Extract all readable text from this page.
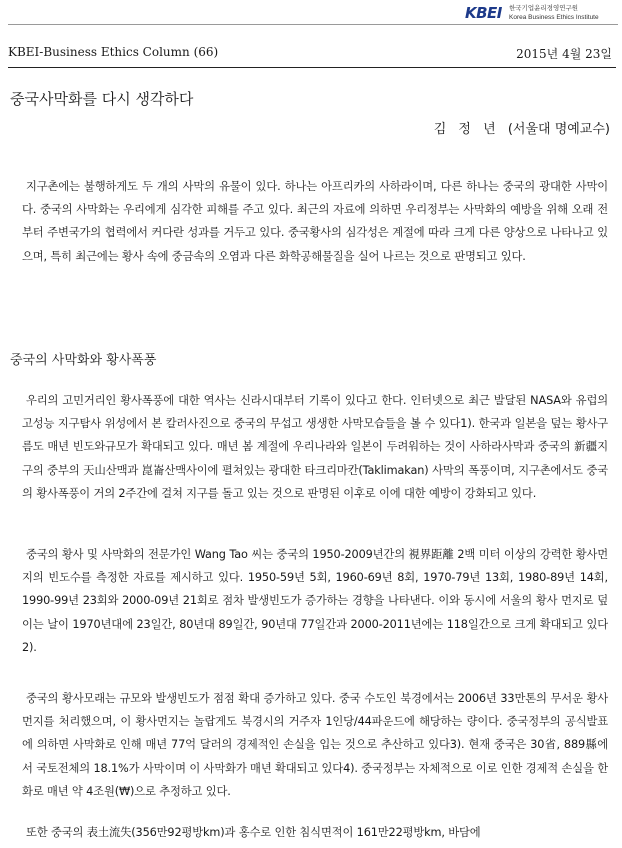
KBEI	한국기업윤리경영연구원
Korea Business Ethics Institute
KBEI-Business Ethics Column (66)	2015년 4월 23일
중국사막화를 다시 생각하다
김 정 년 (서울대 명예교수)
지구촌에는 불행하게도 두 개의 사막의 유물이 있다. 하나는 아프리카의 사하라이며, 다른 하나는 중국의 광대한 사막이다. 중국의 사막화는 우리에게 심각한 피해를 주고 있다. 최근의 자료에 의하면 우리정부는 사막화의 예방을 위해 오래 전부터 주변국가의 협력에서 커다란 성과를 거두고 있다. 중국황사의 심각성은 계절에 따라 크게 다른 양상으로 나타나고 있으며, 특히 최근에는 황사 속에 중금속의 오염과 다른 화학공해물질을 실어 나르는 것으로 판명되고 있다.
중국의 사막화와 황사폭풍
우리의 고민거리인 황사폭풍에 대한 역사는 신라시대부터 기록이 있다고 한다. 인터넷으로 최근 발달된 NASA와 유럽의 고성능 지구탐사 위성에서 본 칼러사진으로 중국의 무섭고 생생한 사막모습들을 볼 수 있다1). 한국과 일본을 덮는 황사구름도 매년 빈도와규모가 확대되고 있다. 매년 봄 계절에 우리나라와 일본이 두려워하는 것이 사하라사막과 중국의 新疆지구의 중부의 天山산맥과 崑崙산맥사이에 펼쳐있는 광대한 타크리마칸(Taklimakan) 사막의 폭풍이며, 지구촌에서도 중국의 황사폭풍이 거의 2주간에 걸쳐 지구를 돌고 있는 것으로 판명된 이후로 이에 대한 예방이 강화되고 있다.
중국의 황사 및 사막화의 전문가인 Wang Tao 씨는 중국의 1950-2009년간의 視界距離 2백 미터 이상의 강력한 황사먼지의 빈도수를 측정한 자료를 제시하고 있다. 1950-59년 5회, 1960-69년 8회, 1970-79년 13회, 1980-89년 14회, 1990-99년 23회와 2000-09년 21회로 점차 발생빈도가 증가하는 경향을 나타낸다. 이와 동시에 서울의 황사 먼지로 덮이는 날이 1970년대에 23일간, 80년대 89일간, 90년대 77일간과 2000-2011년에는 118일간으로 크게 확대되고 있다2).
중국의 황사모래는 규모와 발생빈도가 점점 확대 증가하고 있다. 중국 수도인 북경에서는 2006년 33만톤의 무서운 황사먼지를 처리했으며, 이 황사먼지는 놀랍게도 북경시의 거주자 1인당/44파운드에 해당하는 량이다. 중국정부의 공식발표에 의하면 사막화로 인해 매년 77억 달러의 경제적인 손실을 입는 것으로 추산하고 있다3). 현재 중국은 30省, 889縣에서 국토전체의 18.1%가 사막이며 이 사막화가 매년 확대되고 있다4). 중국정부는 자체적으로 이로 인한 경제적 손실을 한화로 매년 약 4조원(₩)으로 추정하고 있다.
또한 중국의 表土流失(356만92평방km)과 홍수로 인한 침식면적이 161만22평방km, 바담에
